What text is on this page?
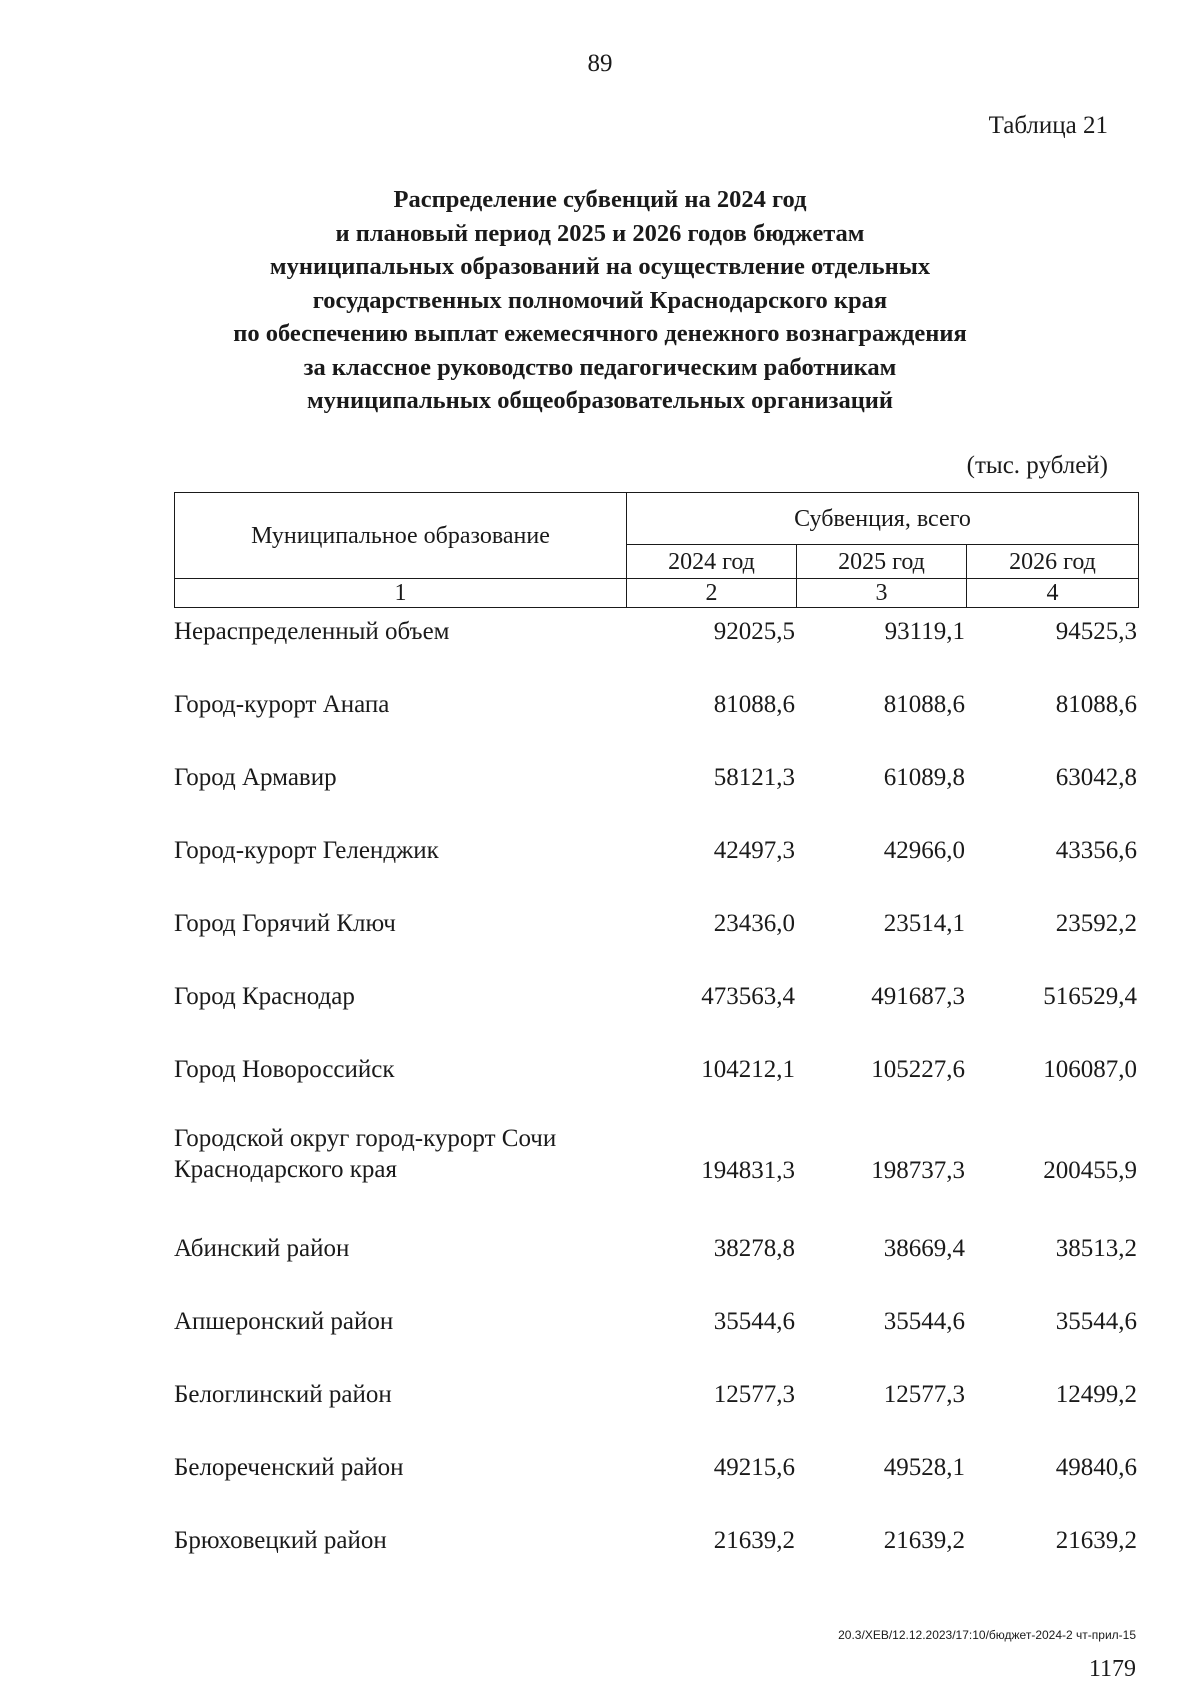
89
Таблица 21
Распределение субвенций на 2024 год
и плановый период 2025 и 2026 годов бюджетам
муниципальных образований на осуществление отдельных
государственных полномочий Краснодарского края
по обеспечению выплат ежемесячного денежного вознаграждения
за классное руководство педагогическим работникам
муниципальных общеобразовательных организаций
(тыс. рублей)
Муниципальное образование	Субвенция, всего		
	2024 год	2025 год	2026 год
1	2	3	4
Нераспределенный объем	92025,5	93119,1	94525,3
Город-курорт Анапа	81088,6	81088,6	81088,6
Город Армавир	58121,3	61089,8	63042,8
Город-курорт Геленджик	42497,3	42966,0	43356,6
Город Горячий Ключ	23436,0	23514,1	23592,2
Город Краснодар	473563,4	491687,3	516529,4
Город Новороссийск	104212,1	105227,6	106087,0
Городской округ город-курорт Сочи
Краснодарского края	194831,3	198737,3	200455,9
Абинский район	38278,8	38669,4	38513,2
Апшеронский район	35544,6	35544,6	35544,6
Белоглинский район	12577,3	12577,3	12499,2
Белореченский район	49215,6	49528,1	49840,6
Брюховецкий район	21639,2	21639,2	21639,2
20.3/ХЕВ/12.12.2023/17:10/бюджет-2024-2 чт-прил-15
1179
